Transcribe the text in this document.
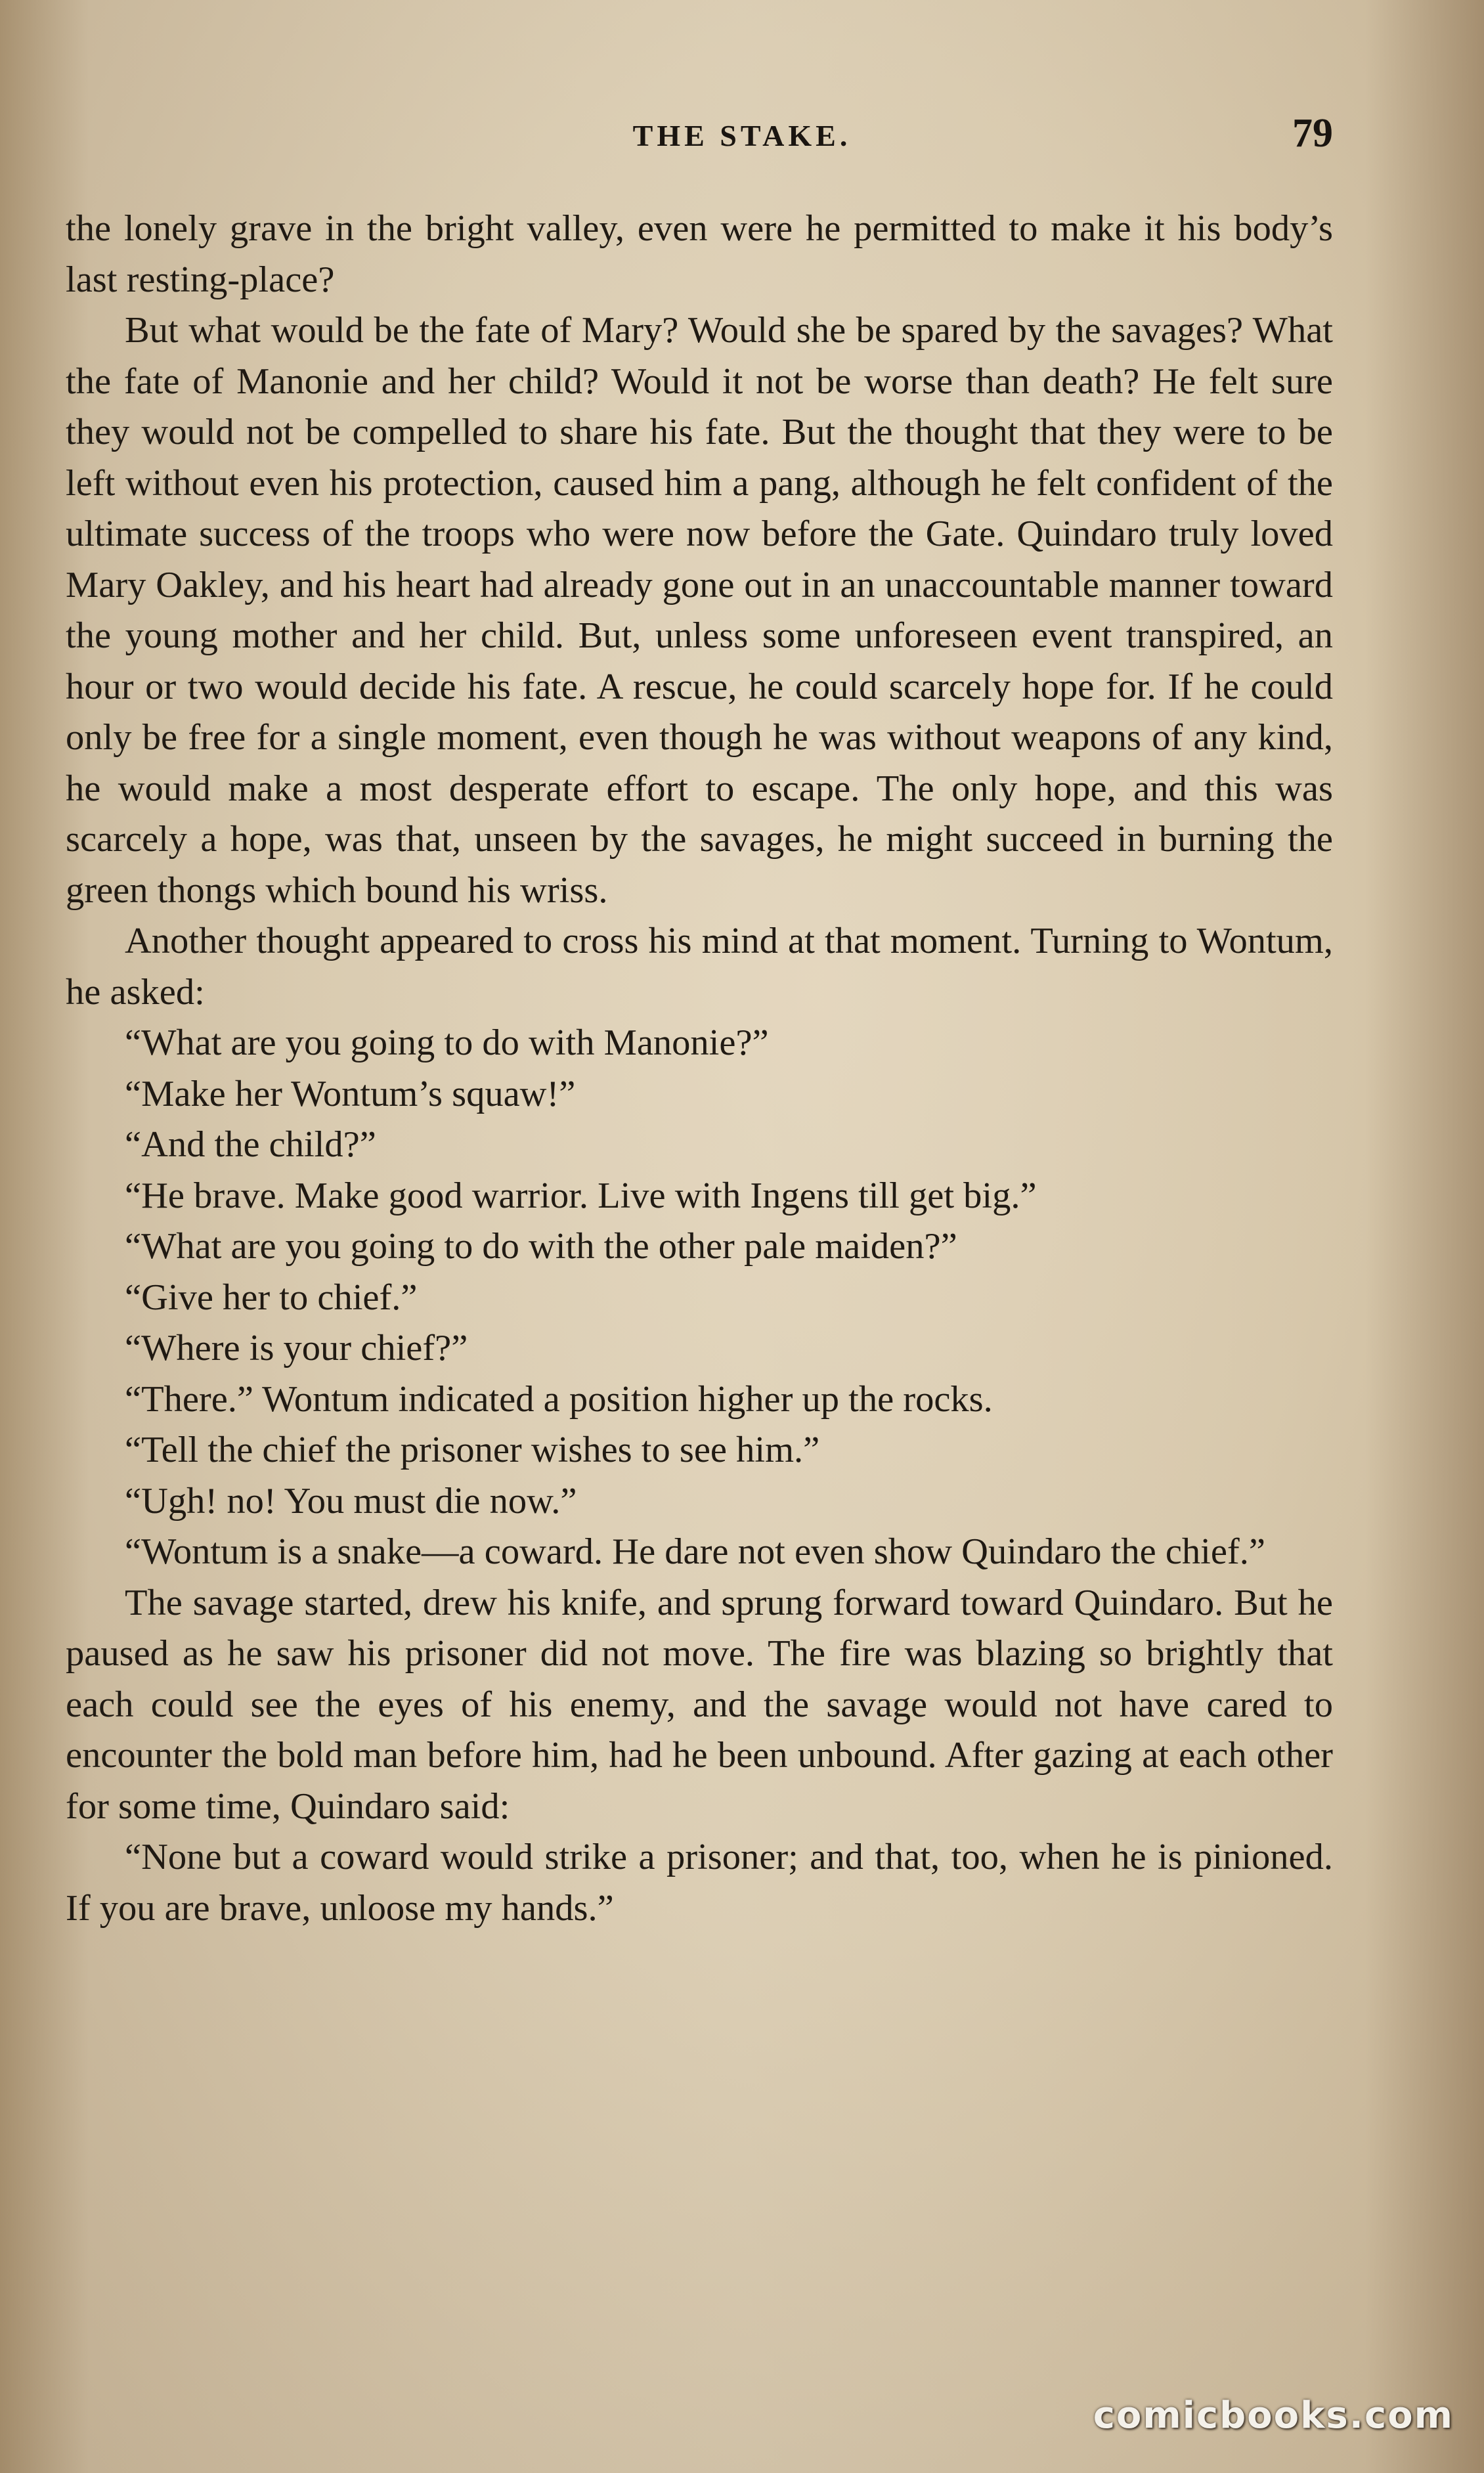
THE STAKE.	79

the lonely grave in the bright valley, even were he permitted to make it his body’s last resting-place?

But what would be the fate of Mary? Would she be spared by the savages? What the fate of Manonie and her child? Would it not be worse than death? He felt sure they would not be compelled to share his fate. But the thought that they were to be left without even his protection, caused him a pang, although he felt confident of the ultimate success of the troops who were now before the Gate. Quindaro truly loved Mary Oakley, and his heart had already gone out in an unaccountable manner toward the young mother and her child. But, unless some unforeseen event transpired, an hour or two would decide his fate. A rescue, he could scarcely hope for. If he could only be free for a single moment, even though he was without weapons of any kind, he would make a most desperate effort to escape. The only hope, and this was scarcely a hope, was that, unseen by the savages, he might succeed in burning the green thongs which bound his wriss.

Another thought appeared to cross his mind at that moment. Turning to Wontum, he asked:

“What are you going to do with Manonie?”

“Make her Wontum’s squaw!”

“And the child?”

“He brave. Make good warrior. Live with Ingens till get big.”

“What are you going to do with the other pale maiden?”

“Give her to chief.”

“Where is your chief?”

“There.” Wontum indicated a position higher up the rocks.

“Tell the chief the prisoner wishes to see him.”

“Ugh! no! You must die now.”

“Wontum is a snake—a coward. He dare not even show Quindaro the chief.”

The savage started, drew his knife, and sprung forward toward Quindaro. But he paused as he saw his prisoner did not move. The fire was blazing so brightly that each could see the eyes of his enemy, and the savage would not have cared to encounter the bold man before him, had he been unbound. After gazing at each other for some time, Quindaro said:

“None but a coward would strike a prisoner; and that, too, when he is pinioned. If you are brave, unloose my hands.”

comicbooks.com
